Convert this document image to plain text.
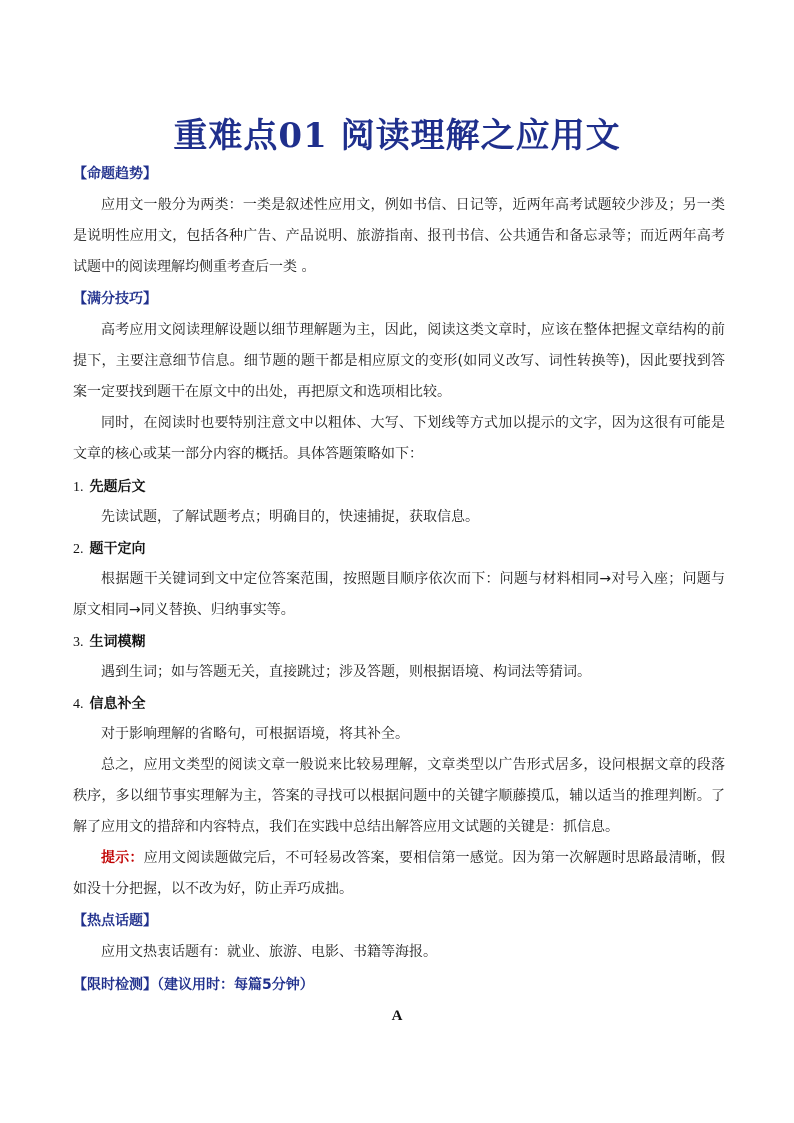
重难点01 阅读理解之应用文
【命题趋势】
应用文一般分为两类：一类是叙述性应用文，例如书信、日记等，近两年高考试题较少涉及；另一类是说明性应用文，包括各种广告、产品说明、旅游指南、报刊书信、公共通告和备忘录等；而近两年高考试题中的阅读理解均侧重考查后一类 。
【满分技巧】
高考应用文阅读理解设题以细节理解题为主，因此，阅读这类文章时，应该在整体把握文章结构的前提下，主要注意细节信息。细节题的题干都是相应原文的变形(如同义改写、词性转换等)，因此要找到答案一定要找到题干在原文中的出处，再把原文和选项相比较。
同时，在阅读时也要特别注意文中以粗体、大写、下划线等方式加以提示的文字，因为这很有可能是文章的核心或某一部分内容的概括。具体答题策略如下：
1. 先题后文
先读试题，了解试题考点；明确目的，快速捕捉，获取信息。
2. 题干定向
根据题干关键词到文中定位答案范围，按照题目顺序依次而下：问题与材料相同→对号入座；问题与原文相同→同义替换、归纳事实等。
3. 生词模糊
遇到生词；如与答题无关，直接跳过；涉及答题，则根据语境、构词法等猜词。
4. 信息补全
对于影响理解的省略句，可根据语境，将其补全。
总之，应用文类型的阅读文章一般说来比较易理解，文章类型以广告形式居多，设问根据文章的段落秩序，多以细节事实理解为主，答案的寻找可以根据问题中的关键字顺藤摸瓜，辅以适当的推理判断。了解了应用文的措辞和内容特点，我们在实践中总结出解答应用文试题的关键是：抓信息。
提示：应用文阅读题做完后，不可轻易改答案，要相信第一感觉。因为第一次解题时思路最清晰，假如没十分把握，以不改为好，防止弄巧成拙。
【热点话题】
应用文热衷话题有：就业、旅游、电影、书籍等海报。
【限时检测】（建议用时：每篇5分钟）
A
